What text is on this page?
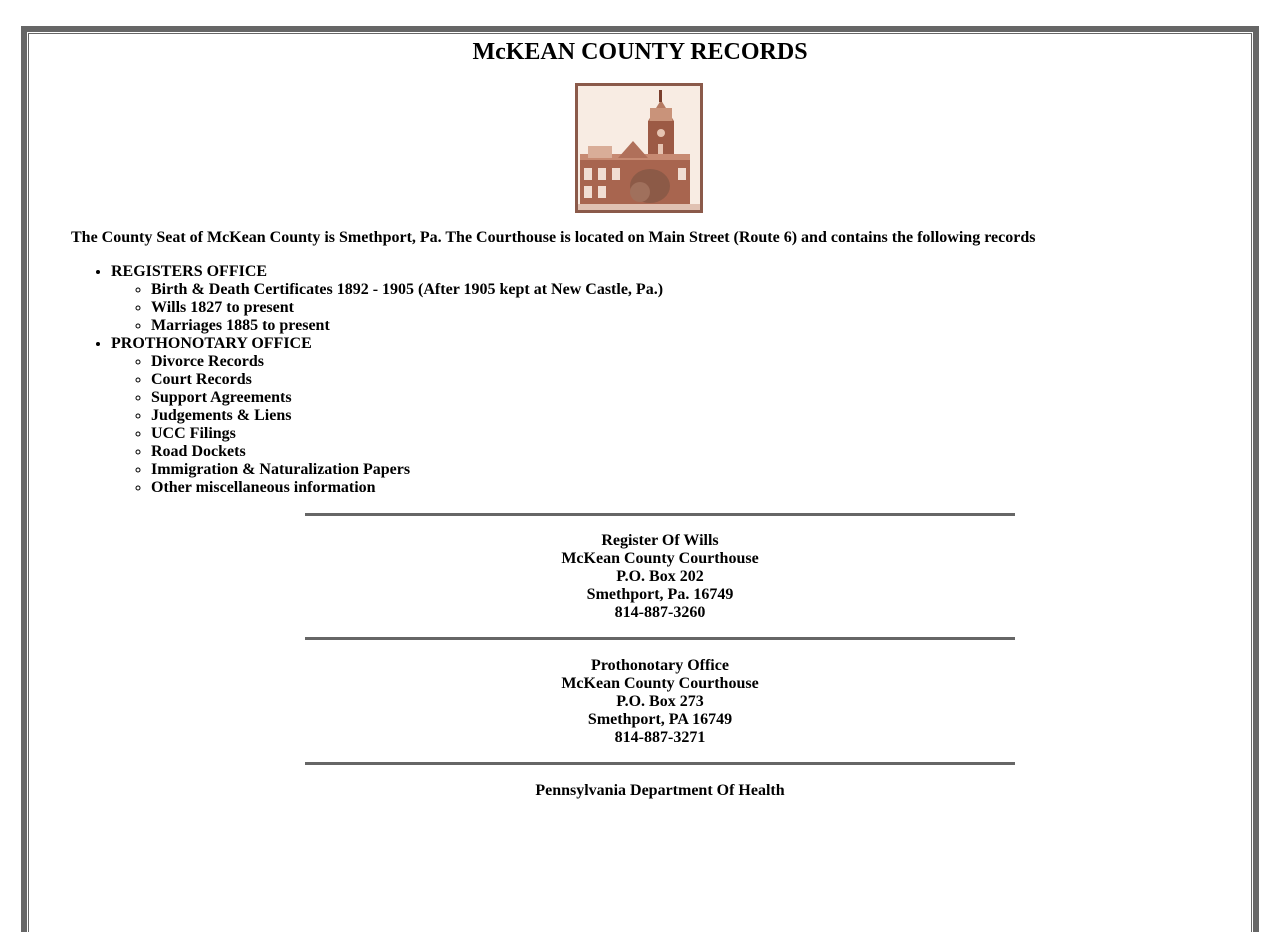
McKEAN COUNTY RECORDS

The County Seat of McKean County is Smethport, Pa. The Courthouse is located on Main Street (Route 6) and contains the following records

• REGISTERS OFFICE
◦ Birth & Death Certificates 1892 - 1905 (After 1905 kept at New Castle, Pa.)
◦ Wills 1827 to present
◦ Marriages 1885 to present
• PROTHONOTARY OFFICE
◦ Divorce Records
◦ Court Records
◦ Support Agreements
◦ Judgements & Liens
◦ UCC Filings
◦ Road Dockets
◦ Immigration & Naturalization Papers
◦ Other miscellaneous information
Register Of Wills
McKean County Courthouse
P.O. Box 202
Smethport, Pa. 16749
814-887-3260
Prothonotary Office
McKean County Courthouse
P.O. Box 273
Smethport, PA 16749
814-887-3271
Pennsylvania Department Of Health
